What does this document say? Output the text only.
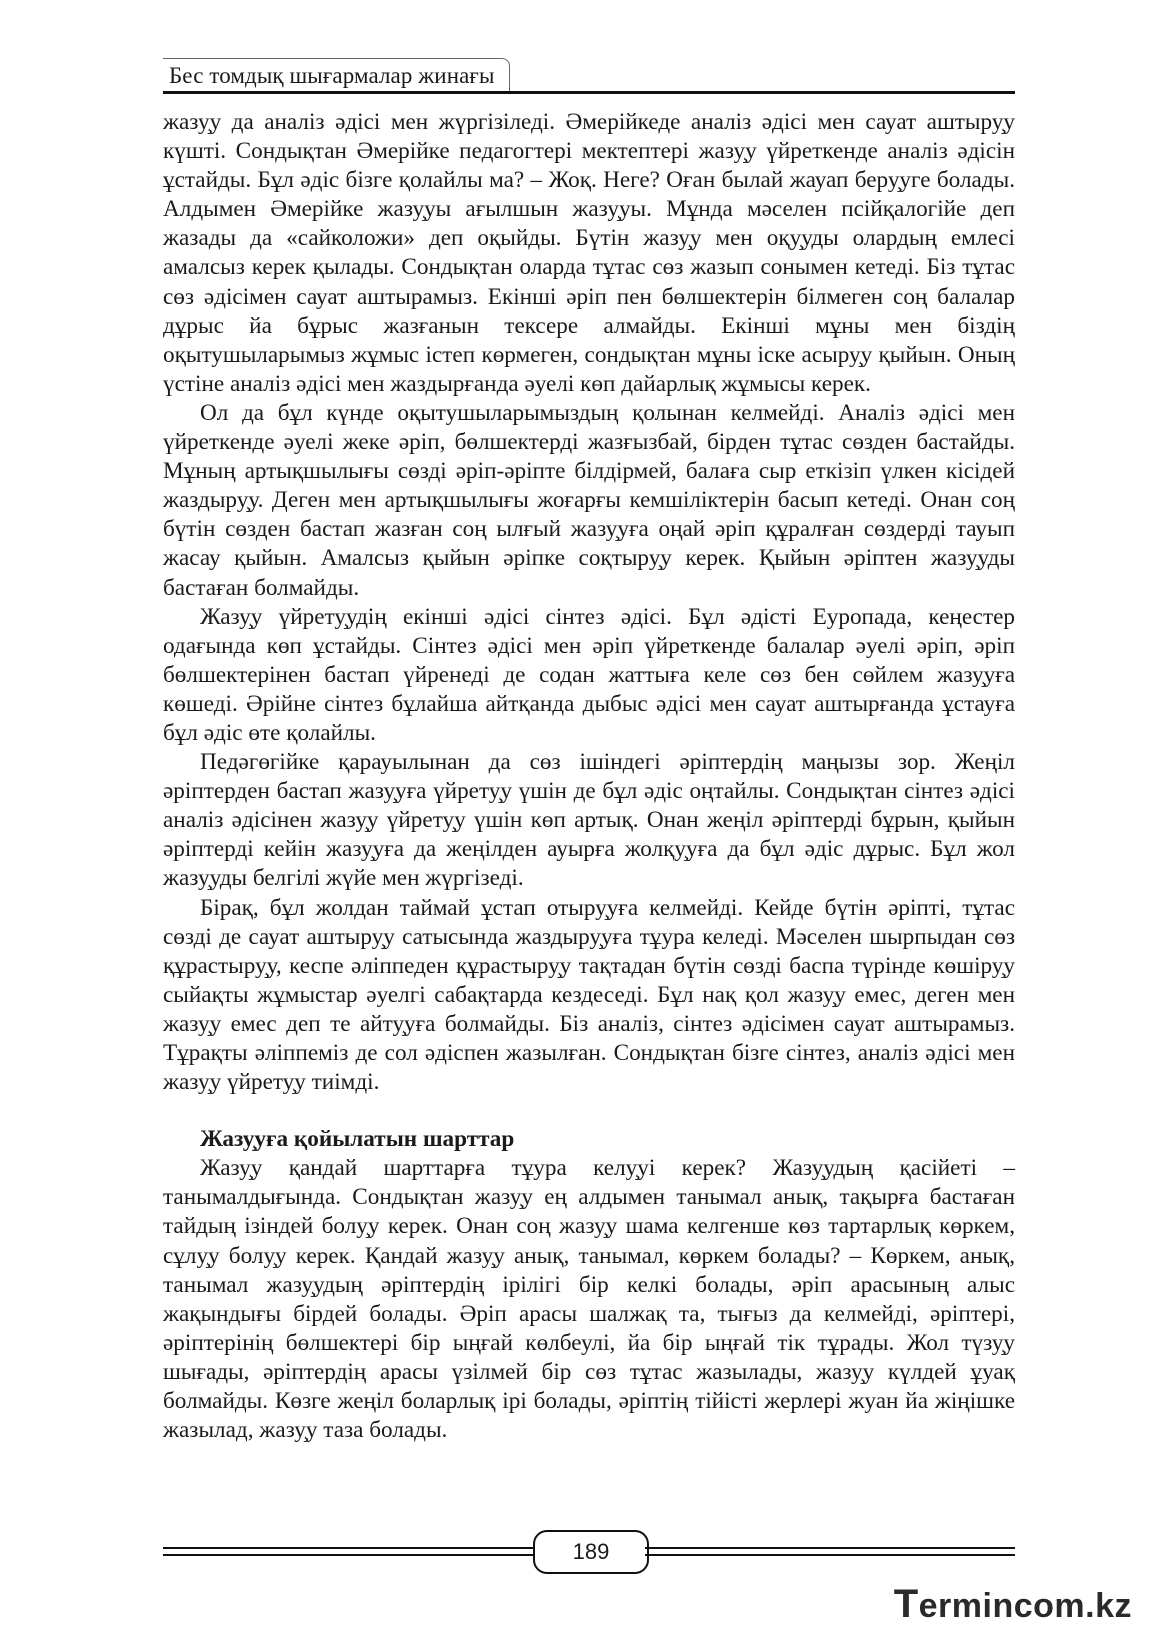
Бес томдық шығармалар жинағы

жазу̧у да аналіз әдісі мен жүргізіледі. Әмерійкеде аналіз әдісі мен сауат аштыру̧у күшті. Сондықтан Әмерійке педагогтері мектептері жазу̧у үйреткенде аналіз әдісін ұстайды. Бұл әдіс бізге қолайлы ма? – Жоқ. Неге? Оған былай жауап беру̧уге болады. Алдымен Әмерійке жазу̧уы ағылшын жазу̧уы. Мұнда мәселен псійқалогійе деп жазады да «сайколожи» деп оқыйды. Бүтін жазу̧у мен оқу̧уды олардың емлесі амалсыз керек қылады. Сондықтан оларда тұтас сөз жазып сонымен кетеді. Біз тұтас сөз әдісімен сауат аштырамыз. Екінші әріп пен бөлшектерін білмеген соң балалар дұрыс йа бұрыс жазғанын тексере алмайды. Екінші мұны мен біздің оқытушыларымыз жұмыс істеп көрмеген, сондықтан мұны іске асыру̧у қыйын. Оның үстіне аналіз әдісі мен жаздырғанда әуелі көп дайарлық жұмысы керек.

Ол да бұл күнде оқытушыларымыздың қолынан келмейді. Аналіз әдісі мен үйреткенде әуелі жеке әріп, бөлшектерді жазғызбай, бірден тұтас сөзден бастайды. Мұның артықшылығы сөзді әріп-әріпте білдірмей, балаға сыр еткізіп үлкен кісідей жаздыру̧у. Деген мен артықшылығы жоғарғы кемшіліктерін басып кетеді. Онан соң бүтін сөзден бастап жазған соң ылғый жазу̧уға оңай әріп құралған сөздерді тауып жасау қыйын. Амалсыз қыйын әріпке соқтыру̧у керек. Қыйын әріптен жазу̧уды бастаған болмайды.

Жазу̧у үйрету̧удің екінші әдісі сінтез әдісі. Бұл әдісті Еуропада, кеңестер одағында көп ұстайды. Сінтез әдісі мен әріп үйреткенде балалар әуелі әріп, әріп бөлшектерінен бастап үйренеді де содан жаттыға келе сөз бен сөйлем жазу̧уға көшеді. Әрійне сінтез бұлайша айтқанда дыбыс әдісі мен сауат аштырғанда ұстауға бұл әдіс өте қолайлы.

Педәгөгійке қарауылынан да сөз ішіндегі әріптердің маңызы зор. Жеңіл әріптерден бастап жазу̧уға үйрету̧у үшін де бұл әдіс оңтайлы. Сондықтан сінтез әдісі аналіз әдісінен жазу̧у үйрету̧у үшін көп артық. Онан жеңіл әріптерді бұрын, қыйын әріптерді кейін жазу̧уға да жеңілден ауырға жолқу̧уға да бұл әдіс дұрыс. Бұл жол жазу̧уды белгілі жүйе мен жүргізеді.

Бірақ, бұл жолдан таймай ұстап отыру̧уға келмейді. Кейде бүтін әріпті, тұтас сөзді де сауат аштыру̧у сатысында жаздыру̧уға тұура келеді. Мәселен шырпыдан сөз құрастыру̧у, кеспе әліппеден құрастыру̧у тақтадан бүтін сөзді баспа түрінде көшіру̧у сыйақты жұмыстар әуелгі сабақтарда кездеседі. Бұл нақ қол жазу̧у емес, деген мен жазу̧у емес деп те айту̧уға болмайды. Біз аналіз, сінтез әдісімен сауат аштырамыз. Тұрақты әліппеміз де сол әдіспен жазылған. Сондықтан бізге сінтез, аналіз әдісі мен жазу̧у үйрету̧у тиімді.

Жазу̧уға қойылатын шарттар

Жазу̧у қандай шарттарға тұура келу̧уі керек? Жазу̧удың қасійеті – танымалдығында. Сондықтан жазу̧у ең алдымен танымал анық, тақырға бастаған тайдың ізіндей болу̧у керек. Онан соң жазу̧у шама келгенше көз тартарлық көркем, сұлу̧у болу̧у керек. Қандай жазу̧у анық, танымал, көркем болады? – Көркем, анық, танымал жазу̧удың әріптердің ірілігі бір келкі болады, әріп арасының алыс жақындығы бірдей болады. Әріп арасы шалжақ та, тығыз да келмейді, әріптері, әріптерінің бөлшектері бір ыңғай көлбеулі, йа бір ыңғай тік тұрады. Жол түзу̧у шығады, әріптердің арасы үзілмей бір сөз тұтас жазылады, жазу̧у күлдей ұуақ болмайды. Көзге жеңіл боларлық ірі болады, әріптің тійісті жерлері жуан йа жіңішке жазылад, жазу̧у таза болады.

189
Termincom.kz
